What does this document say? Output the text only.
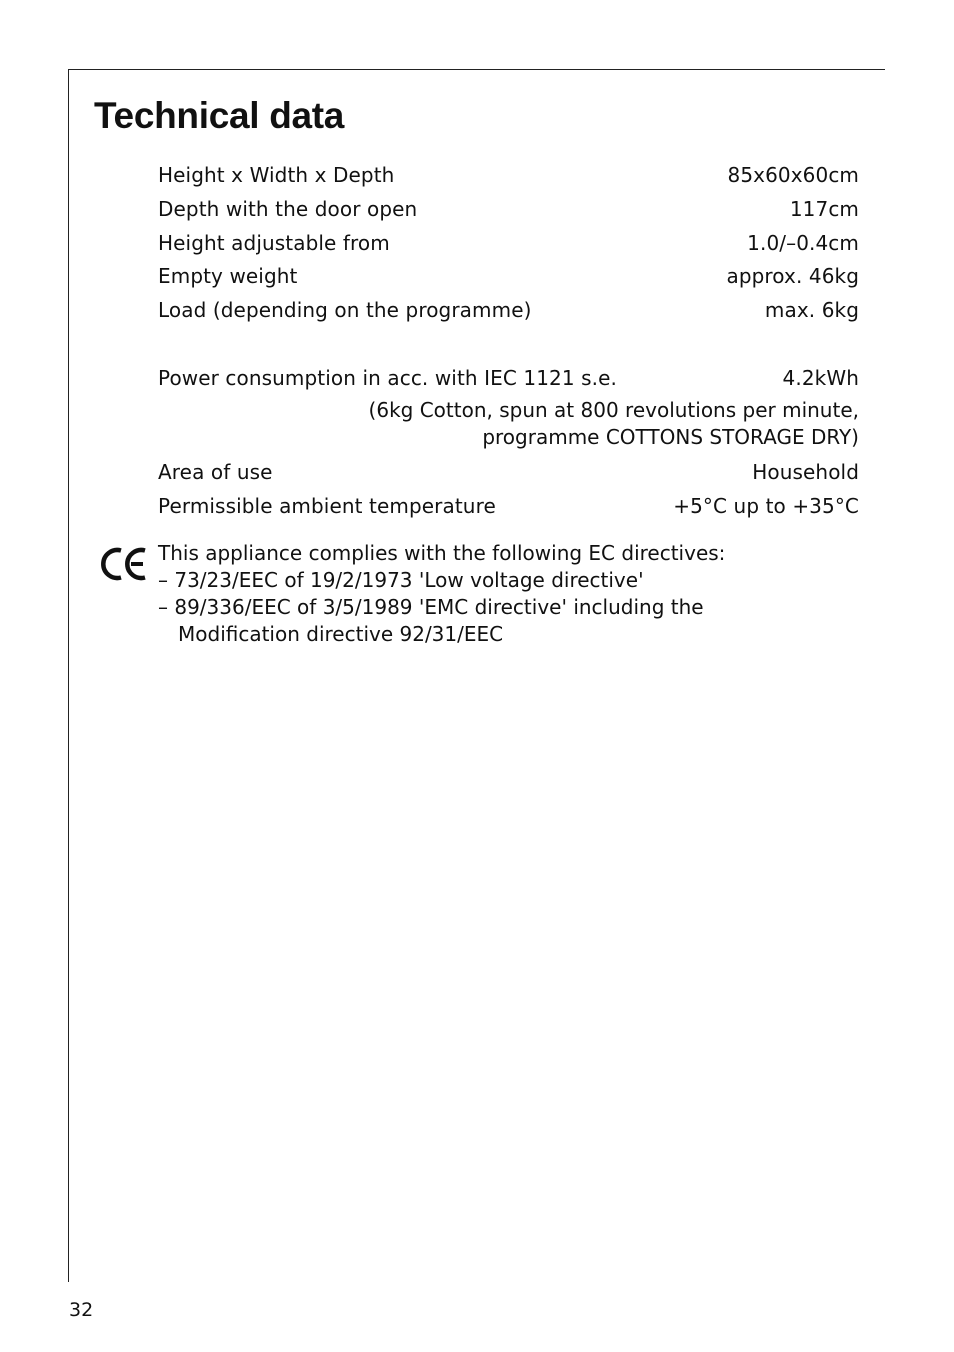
Technical data
Height x Width x Depth	85x60x60cm
Depth with the door open	117cm
Height adjustable from	1.0/–0.4cm
Empty weight	approx. 46kg
Load (depending on the programme)	max. 6kg
Power consumption in acc. with IEC 1121 s.e.	4.2kWh
(6kg Cotton, spun at 800 revolutions per minute,
programme COTTONS STORAGE DRY)
Area of use	Household
Permissible ambient temperature	+5°C up to +35°C
This appliance complies with the following EC directives:
– 73/23/EEC of 19/2/1973 'Low voltage directive'
– 89/336/EEC of 3/5/1989 'EMC directive' including the
Modification directive 92/31/EEC
32
